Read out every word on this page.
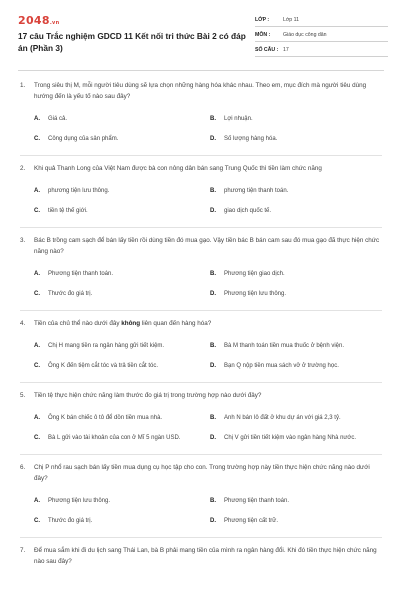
2048.vn
17 câu Trắc nghiệm GDCD 11 Kết nối tri thức Bài 2 có đáp án (Phần 3)
LỚP :	Lớp 11
MÔN :	Giáo dục công dân
SỐ CÂU : 17
1.	Trong siêu thị M, mỗi người tiêu dùng sẽ lựa chọn những hàng hóa khác nhau. Theo em, mục đích mà người tiêu dùng hướng đến là yếu tố nào sau đây?
A.	Giá cả.	B.	Lợi nhuận.
C.	Công dụng của sản phẩm.	D.	Số lượng hàng hóa.
2.	Khi quả Thanh Long của Việt Nam được bà con nông dân bán sang Trung Quốc thì tiền làm chức năng
A.	phương tiện lưu thông.	B.	phương tiện thanh toán.
C.	tiền tệ thế giới.	D.	giao dịch quốc tế.
3.	Bác B trồng cam sạch để bán lấy tiền rồi dùng tiền đó mua gạo. Vậy tiền bác B bán cam sau đó mua gạo đã thực hiện chức năng nào?
A.	Phương tiện thanh toán.	B.	Phương tiện giao dịch.
C.	Thước đo giá trị.	D.	Phương tiện lưu thông.
4.	Tiền của chủ thể nào dưới đây không liên quan đến hàng hóa?
A.	Chị H mang tiền ra ngân hàng gửi tiết kiệm.	B.	Bà M thanh toán tiền mua thuốc ở bệnh viện.
C.	Ông K đến tiệm cắt tóc và trả tiền cắt tóc.	D.	Bạn Q nộp tiền mua sách vở ở trường học.
5.	Tiền tệ thực hiện chức năng làm thước đo giá trị trong trường hợp nào dưới đây?
A.	Ông K bán chiếc ô tô để dồn tiền mua nhà.	B.	Anh N bán lô đất ở khu dự án với giá 2,3 tỷ.
C.	Bà L gửi vào tài khoản của con ở Mĩ 5 ngàn USD.	D.	Chị V gửi tiền tiết kiệm vào ngân hàng Nhà nước.
6.	Chị P nhổ rau sạch bán lấy tiền mua dụng cụ học tập cho con. Trong trường hợp này tiền thực hiện chức năng nào dưới đây?
A.	Phương tiện lưu thông.	B.	Phương tiện thanh toán.
C.	Thước đo giá trị.	D.	Phương tiện cất trữ.
7.	Để mua sắm khi đi du lịch sang Thái Lan, bà B phải mang tiền của mình ra ngân hàng đổi. Khi đó tiền thực hiện chức năng nào sau đây?
